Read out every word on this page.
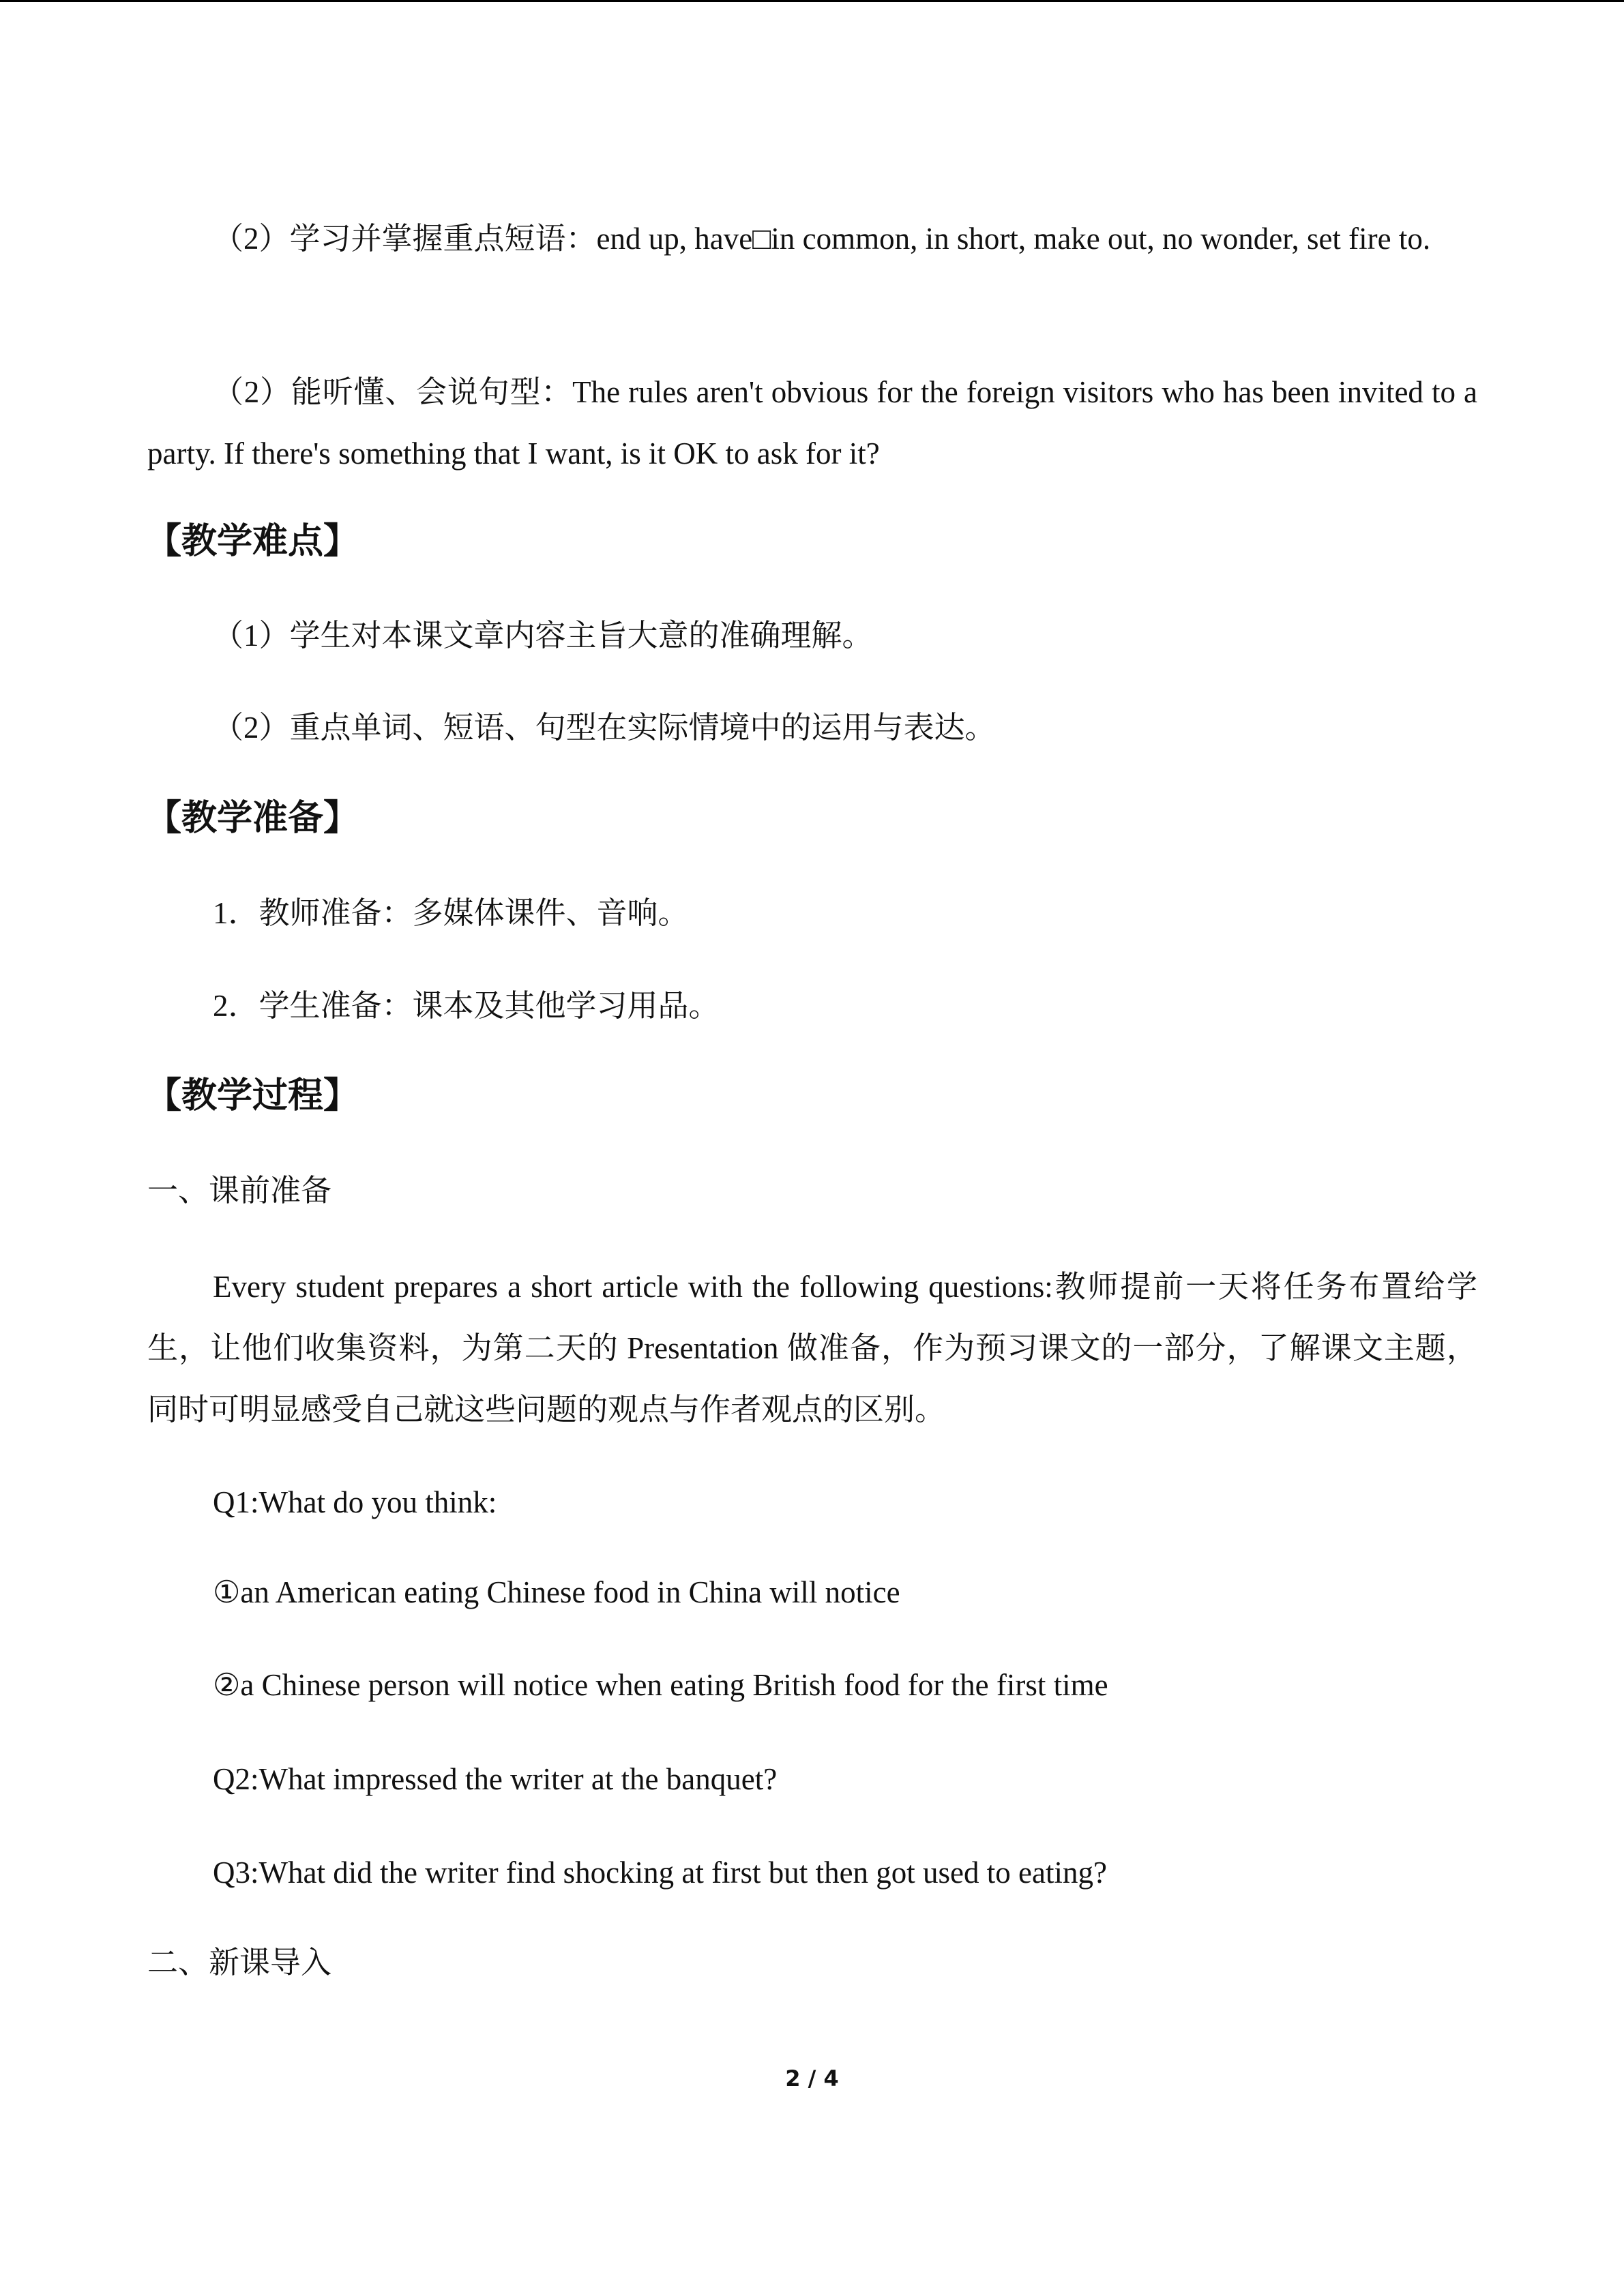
（2）学习并掌握重点短语：end up, have□in common, in short, make out, no wonder, set fire to.
（2）能听懂、会说句型：The rules aren't obvious for the foreign visitors who has been invited to a party. If there's something that I want, is it OK to ask for it?
【教学难点】
（1）学生对本课文章内容主旨大意的准确理解。
（2）重点单词、短语、句型在实际情境中的运用与表达。
【教学准备】
1．教师准备：多媒体课件、音响。
2．学生准备：课本及其他学习用品。
【教学过程】
一、课前准备
Every student prepares a short article with the following questions:教师提前一天将任务布置给学生，让他们收集资料，为第二天的 Presentation 做准备，作为预习课文的一部分，了解课文主题，同时可明显感受自己就这些问题的观点与作者观点的区别。
Q1:What do you think:
①an American eating Chinese food in China will notice
②a Chinese person will notice when eating British food for the first time
Q2:What impressed the writer at the banquet?
Q3:What did the writer find shocking at first but then got used to eating?
二、新课导入
2 / 4
